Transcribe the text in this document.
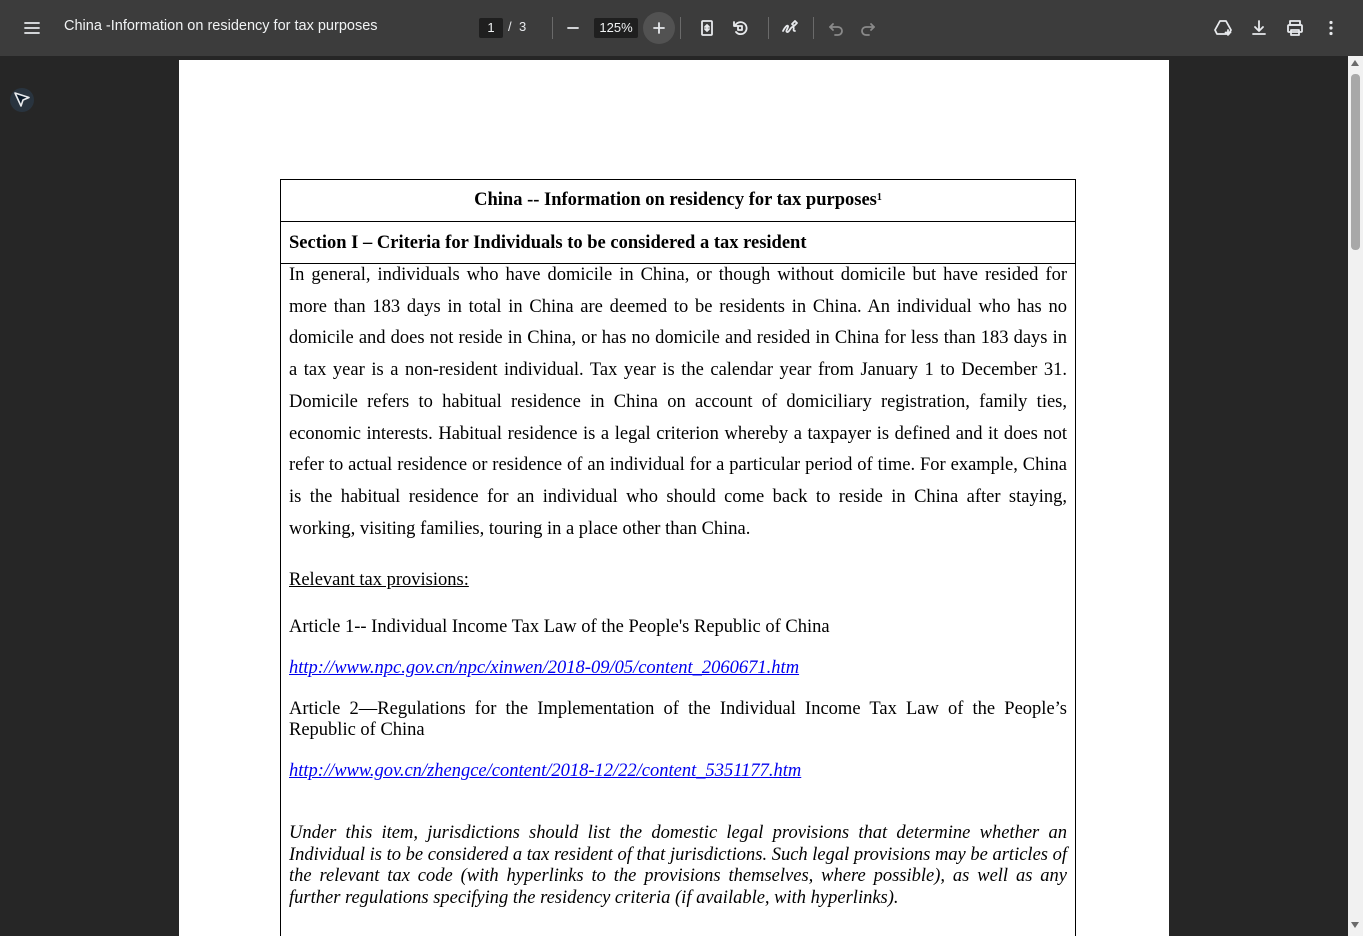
China -Information on residency for tax purposes	1	/ 3	125%
China -- Information on residency for tax purposes$^1$
Section I – Criteria for Individuals to be considered a tax resident

In general, individuals who have domicile in China, or though without domicile but have resided for more than 183 days in total in China are deemed to be residents in China. An individual who has no domicile and does not reside in China, or has no domicile and resided in China for less than 183 days in a tax year is a non-resident individual. Tax year is the calendar year from January 1 to December 31. Domicile refers to habitual residence in China on account of domiciliary registration, family ties, economic interests. Habitual residence is a legal criterion whereby a taxpayer is defined and it does not refer to actual residence or residence of an individual for a particular period of time. For example, China is the habitual residence for an individual who should come back to reside in China after staying, working, visiting families, touring in a place other than China.

Relevant tax provisions:

Article 1-- Individual Income Tax Law of the People's Republic of China

http://www.npc.gov.cn/npc/xinwen/2018-09/05/content_2060671.htm

Article 2—Regulations for the Implementation of the Individual Income Tax Law of the People’s Republic of China

http://www.gov.cn/zhengce/content/2018-12/22/content_5351177.htm

Under this item, jurisdictions should list the domestic legal provisions that determine whether an Individual is to be considered a tax resident of that jurisdictions. Such legal provisions may be articles of the relevant tax code (with hyperlinks to the provisions themselves, where possible), as well as any further regulations specifying the residency criteria (if available, with hyperlinks).
